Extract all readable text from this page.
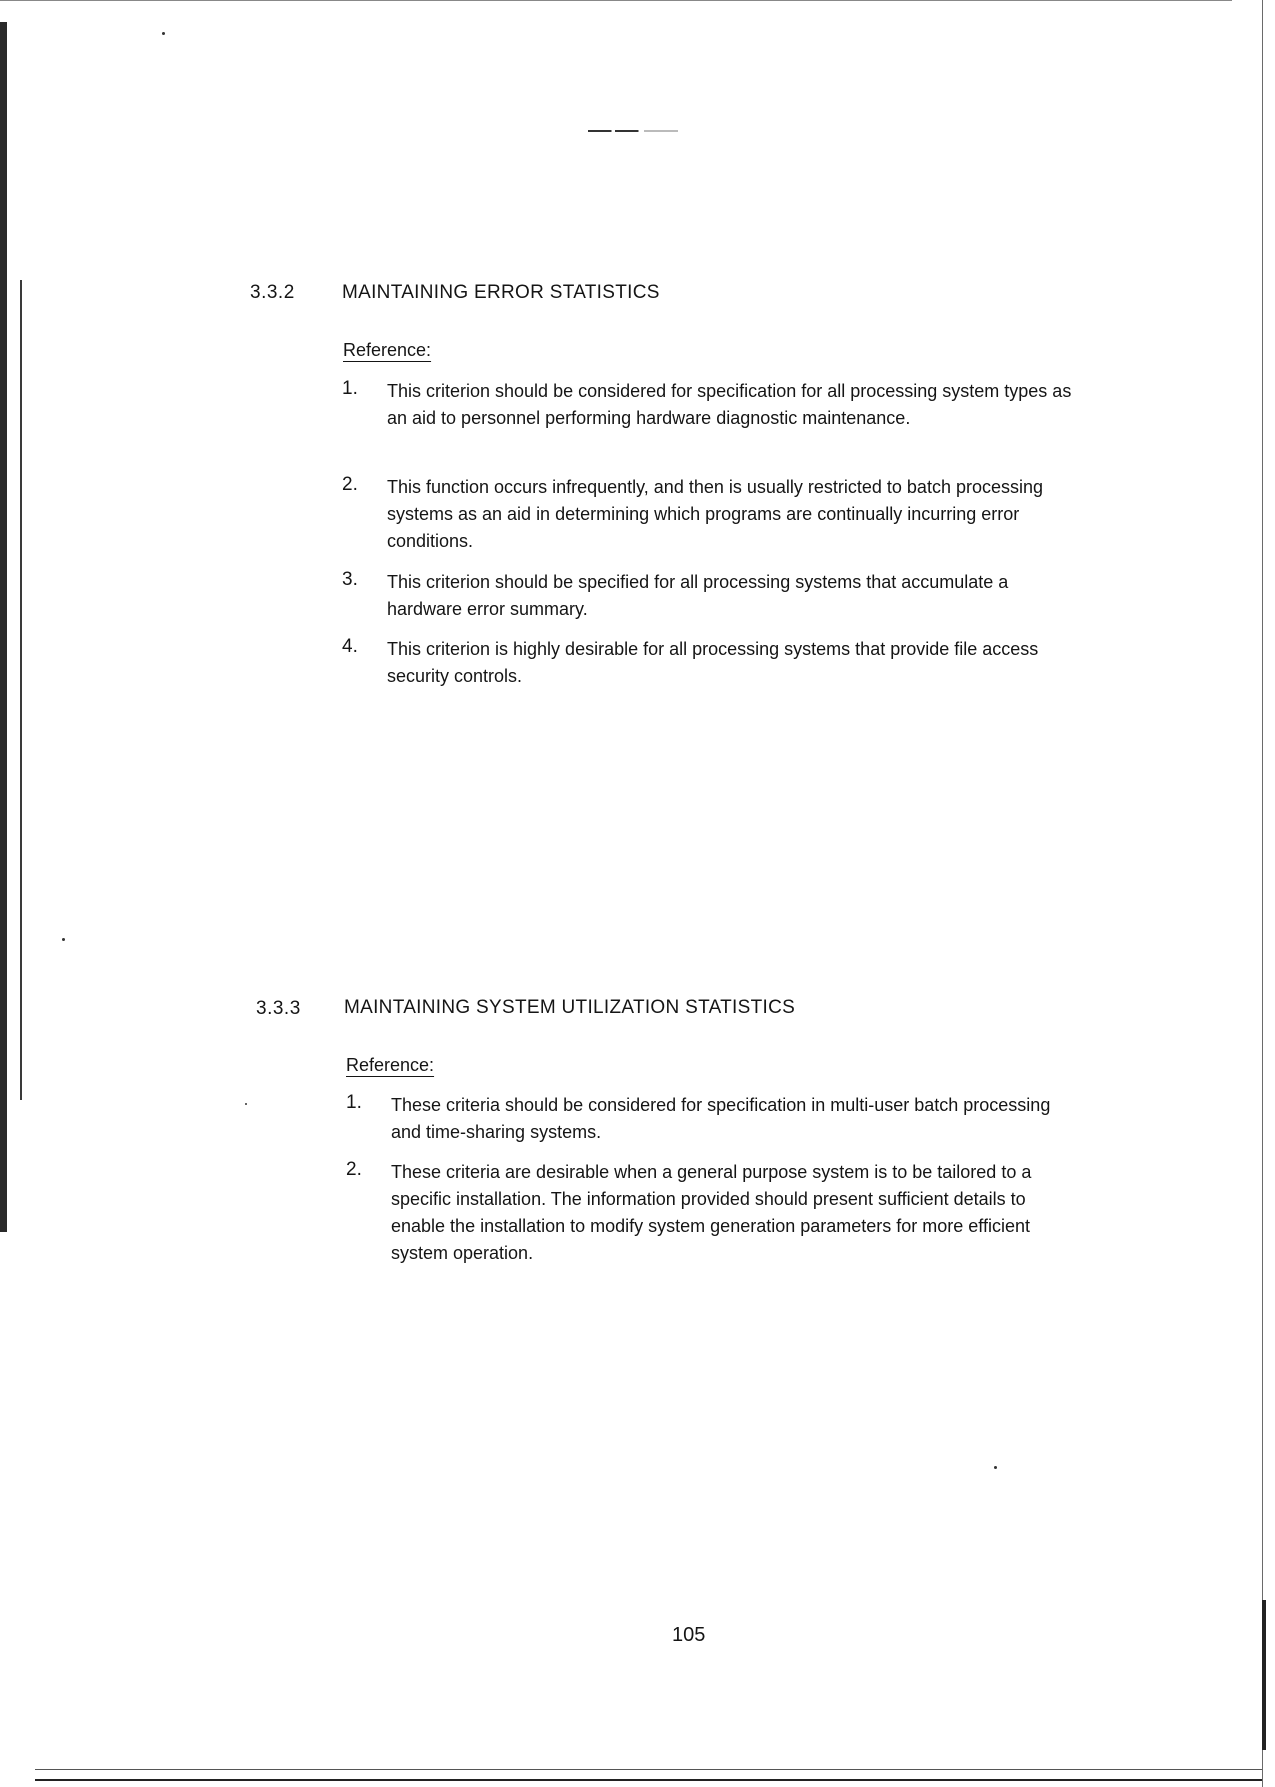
3.3.2 MAINTAINING ERROR STATISTICS
Reference:
1. This criterion should be considered for specification for all processing system types as an aid to personnel performing hardware diagnostic maintenance.
2. This function occurs infrequently, and then is usually restricted to batch processing systems as an aid in determining which programs are continually incurring error conditions.
3. This criterion should be specified for all processing systems that accumulate a hardware error summary.
4. This criterion is highly desirable for all processing systems that provide file access security controls.
3.3.3 MAINTAINING SYSTEM UTILIZATION STATISTICS
Reference:
1. These criteria should be considered for specification in multi-user batch processing and time-sharing systems.
2. These criteria are desirable when a general purpose system is to be tailored to a specific installation. The information provided should present sufficient details to enable the installation to modify system generation parameters for more efficient system operation.
105
